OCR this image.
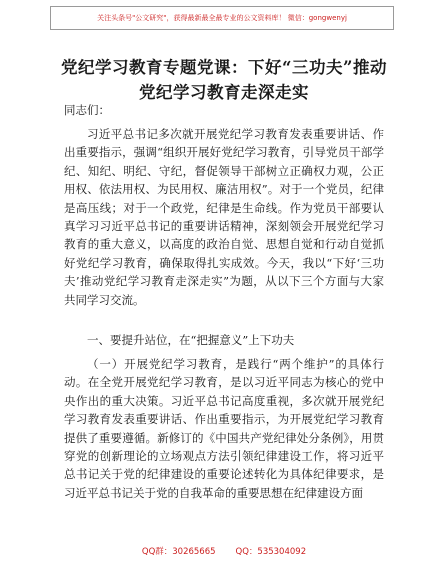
关注头条号"公文研究"，获得最新最全最专业的公文资料库！ 微信：gongwenyj
党纪学习教育专题党课：下好“三功夫”推动
党纪学习教育走深走实
同志们：

习近平总书记多次就开展党纪学习教育发表重要讲话、作出重要指示，强调“组织开展好党纪学习教育，引导党员干部学纪、知纪、明纪、守纪，督促领导干部树立正确权力观，公正用权、依法用权、为民用权、廉洁用权”。对于一个党员，纪律是高压线；对于一个政党，纪律是生命线。作为党员干部要认真学习习近平总书记的重要讲话精神，深刻领会开展党纪学习教育的重大意义，以高度的政治自觉、思想自觉和行动自觉抓好党纪学习教育，确保取得扎实成效。今天，我以“下好‘三功夫’推动党纪学习教育走深走实”为题，从以下三个方面与大家共同学习交流。

一、要提升站位，在“把握意义”上下功夫

（一）开展党纪学习教育，是践行“两个维护”的具体行动。在全党开展党纪学习教育，是以习近平同志为核心的党中央作出的重大决策。习近平总书记高度重视，多次就开展党纪学习教育发表重要讲话、作出重要指示，为开展党纪学习教育提供了重要遵循。新修订的《中国共产党纪律处分条例》，用贯穿党的创新理论的立场观点方法引领纪律建设工作，将习近平总书记关于党的纪律建设的重要论述转化为具体纪律要求，是习近平总书记关于党的自我革命的重要思想在纪律建设方面

QQ群：30265665 QQ：535304092
